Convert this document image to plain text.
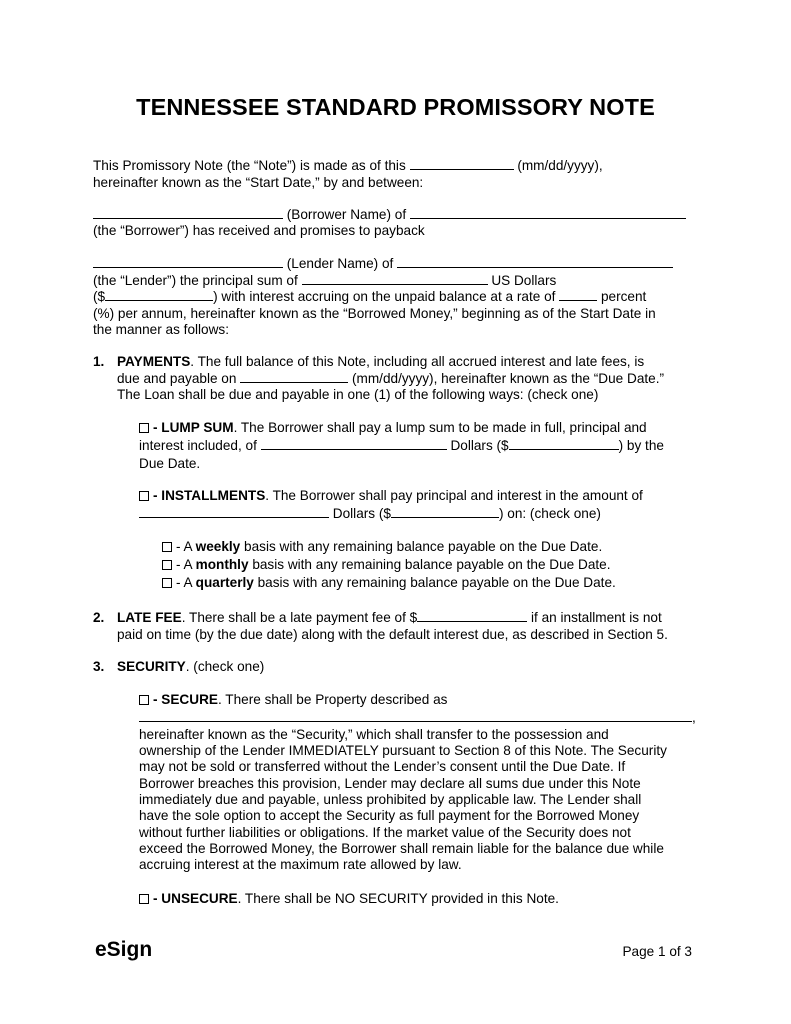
TENNESSEE STANDARD PROMISSORY NOTE
This Promissory Note (the “Note”) is made as of this	(mm/dd/yyyy),
hereinafter known as the “Start Date,” by and between:
(Borrower Name) of
(the “Borrower”) has received and promises to payback
(Lender Name) of
(the “Lender”) the principal sum of	US Dollars
($	) with interest accruing on the unpaid balance at a rate of	percent
(%) per annum, hereinafter known as the “Borrowed Money,” beginning as of the Start Date in
the manner as follows:
1. PAYMENTS. The full balance of this Note, including all accrued interest and late fees, is
due and payable on	(mm/dd/yyyy), hereinafter known as the “Due Date.”
The Loan shall be due and payable in one (1) of the following ways: (check one)
- LUMP SUM. The Borrower shall pay a lump sum to be made in full, principal and
interest included, of	Dollars ($	) by the
Due Date.
- INSTALLMENTS. The Borrower shall pay principal and interest in the amount of
Dollars ($	) on: (check one)
- A weekly basis with any remaining balance payable on the Due Date.
- A monthly basis with any remaining balance payable on the Due Date.
- A quarterly basis with any remaining balance payable on the Due Date.
2. LATE FEE. There shall be a late payment fee of $	if an installment is not
paid on time (by the due date) along with the default interest due, as described in Section 5.
3. SECURITY. (check one)
- SECURE. There shall be Property described as
,
hereinafter known as the “Security,” which shall transfer to the possession and
ownership of the Lender IMMEDIATELY pursuant to Section 8 of this Note. The Security
may not be sold or transferred without the Lender’s consent until the Due Date. If
Borrower breaches this provision, Lender may declare all sums due under this Note
immediately due and payable, unless prohibited by applicable law. The Lender shall
have the sole option to accept the Security as full payment for the Borrowed Money
without further liabilities or obligations. If the market value of the Security does not
exceed the Borrowed Money, the Borrower shall remain liable for the balance due while
accruing interest at the maximum rate allowed by law.
- UNSECURE. There shall be NO SECURITY provided in this Note.
eSign	Page 1 of 3
